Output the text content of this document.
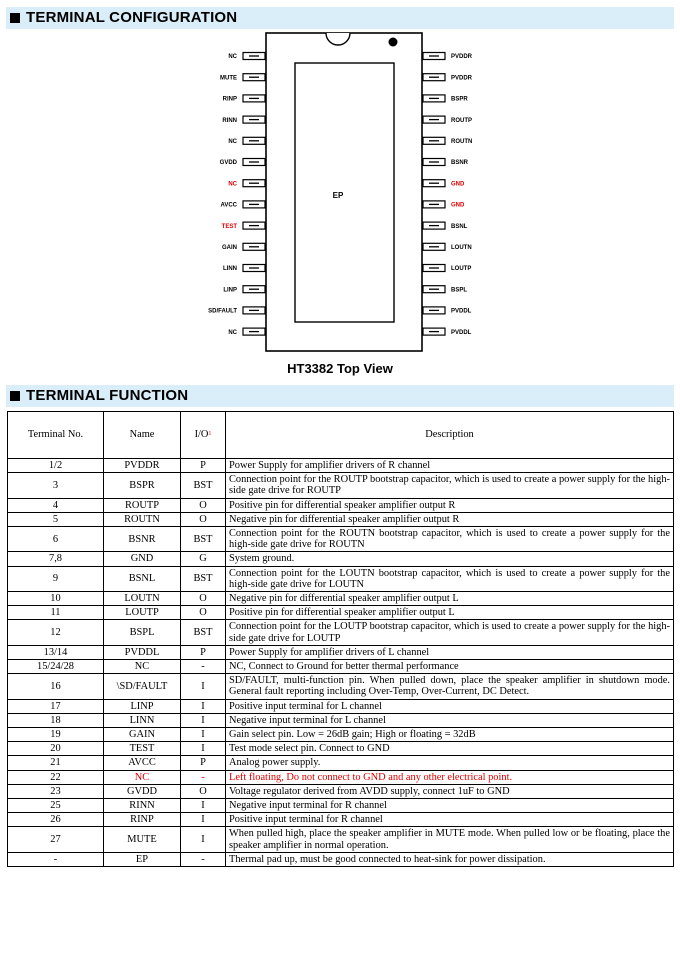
TERMINAL CONFIGURATION
EP
NC
MUTE
RINP
RINN
NC
GVDD
NC
AVCC
TEST
GAIN
LINN
LINP
SD/FAULT
NC
PVDDR
PVDDR
BSPR
ROUTP
ROUTN
BSNR
GND
GND
BSNL
LOUTN
LOUTP
BSPL
PVDDL
PVDDL
HT3382 Top View
TERMINAL FUNCTION
Terminal No.	Name	$I/O^1$	Description
1/2	PVDDR	P	Power Supply for amplifier drivers of R channel
3	BSPR	BST	Connection point for the ROUTP bootstrap capacitor, which is used to create a power supply for the high-side gate drive for ROUTP
4	ROUTP	O	Positive pin for differential speaker amplifier output R
5	ROUTN	O	Negative pin for differential speaker amplifier output R
6	BSNR	BST	Connection point for the ROUTN bootstrap capacitor, which is used to create a power supply for the high-side gate drive for ROUTN
7,8	GND	G	System ground.
9	BSNL	BST	Connection point for the LOUTN bootstrap capacitor, which is used to create a power supply for the high-side gate drive for LOUTN
10	LOUTN	O	Negative pin for differential speaker amplifier output L
11	LOUTP	O	Positive pin for differential speaker amplifier output L
12	BSPL	BST	Connection point for the LOUTP bootstrap capacitor, which is used to create a power supply for the high-side gate drive for LOUTP
13/14	PVDDL	P	Power Supply for amplifier drivers of L channel
15/24/28	NC	-	NC, Connect to Ground for better thermal performance
16	\SD/FAULT	I	SD/FAULT, multi-function pin. When pulled down, place the speaker amplifier in shutdown mode. General fault reporting including Over-Temp, Over-Current, DC Detect.
17	LINP	I	Positive input terminal for L channel
18	LINN	I	Negative input terminal for L channel
19	GAIN	I	Gain select pin. Low = 26dB gain; High or floating = 32dB
20	TEST	I	Test mode select pin. Connect to GND
21	AVCC	P	Analog power supply.
22	NC	-	Left floating, Do not connect to GND and any other electrical point.
23	GVDD	O	Voltage regulator derived from AVDD supply, connect 1uF to GND
25	RINN	I	Negative input terminal for R channel
26	RINP	I	Positive input terminal for R channel
27	MUTE	I	When pulled high, place the speaker amplifier in MUTE mode. When pulled low or be floating, place the speaker amplifier in normal operation.
-	EP	-	Thermal pad up, must be good connected to heat-sink for power dissipation.
